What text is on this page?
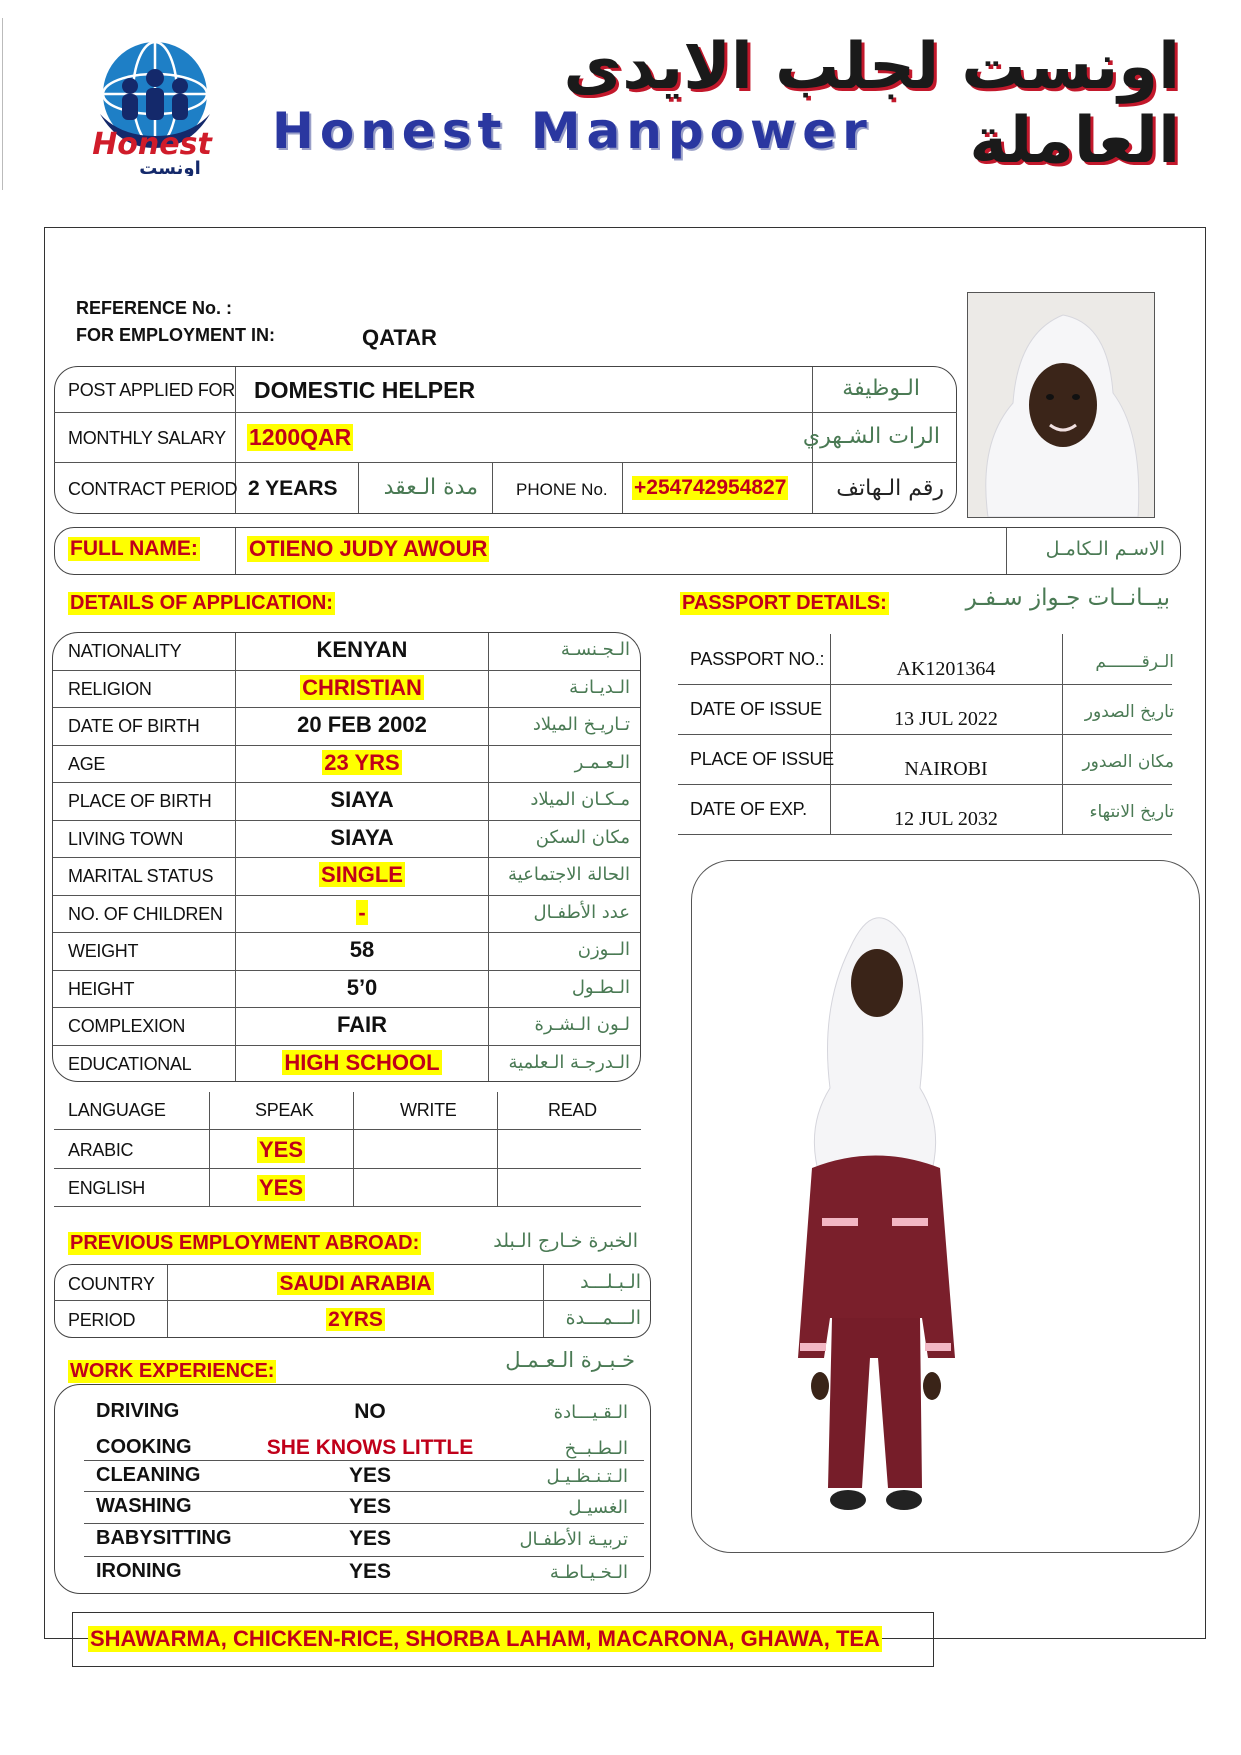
Honest
اونست
اونست لجلب الايدى العاملة
Honest Manpower
REFERENCE No. :
FOR EMPLOYMENT IN:	QATAR
POST APPLIED FOR DOMESTIC HELPER	الـوظيفة
MONTHLY SALARY 1200QAR	الرات الشـهري
CONTRACT PERIOD 2 YEARS	مدة الـعقد PHONE No. +254742954827	رقم الـهاتف
FULL NAME: OTIENO JUDY AWOUR	الاسـم الـكامـل
DETAILS OF APPLICATION:
NATIONALITY	KENYAN	الـجـنسـة
RELIGION	CHRISTIAN	الـديـانـة
DATE OF BIRTH	20 FEB 2002	تـاريـخ الميلاد
AGE	23 YRS	الـعـمـر
PLACE OF BIRTH	SIAYA	مـكـان الميلاد
LIVING TOWN	SIAYA	مكان السكن
MARITAL STATUS	SINGLE	الحالة الاجتماعية
NO. OF CHILDREN	-	عدد الأطفـال
WEIGHT	58	الــوزن
HEIGHT	5’0	الـطـول
COMPLEXION	FAIR	لـون الـشـرة
EDUCATIONAL	HIGH SCHOOL	الـدرجـة الـعلمية
LANGUAGE	SPEAK	WRITE	READ
ARABIC	YES
ENGLISH	YES
PASSPORT DETAILS:	بيــانــات جـواز سـفـر
PASSPORT NO.:	AK1201364	الـرقـــــــم
DATE OF ISSUE	13 JUL 2022	تاريخ الصدور
PLACE OF ISSUE	NAIROBI	مكان الصدور
DATE OF EXP.	12 JUL 2032	تاريخ الانتهاء
PREVIOUS EMPLOYMENT ABROAD:	الخبرة خـارج الـبلد
COUNTRY	SAUDI ARABIA	الـبـلـــد
PERIOD	2YRS	الـــمـــدة
WORK EXPERIENCE:	خـبـرة الـعـمـل
DRIVING	NO	الـقـيـــادة
COOKING	SHE KNOWS LITTLE	الـطـبــخ
CLEANING	YES	الـتـنـظـيـل
WASHING	YES	الغسيـل
BABYSITTING	YES	تربيـة الأطفـال
IRONING	YES	الـخـيـاطـة
SHAWARMA, CHICKEN-RICE, SHORBA LAHAM, MACARONA, GHAWA, TEA
